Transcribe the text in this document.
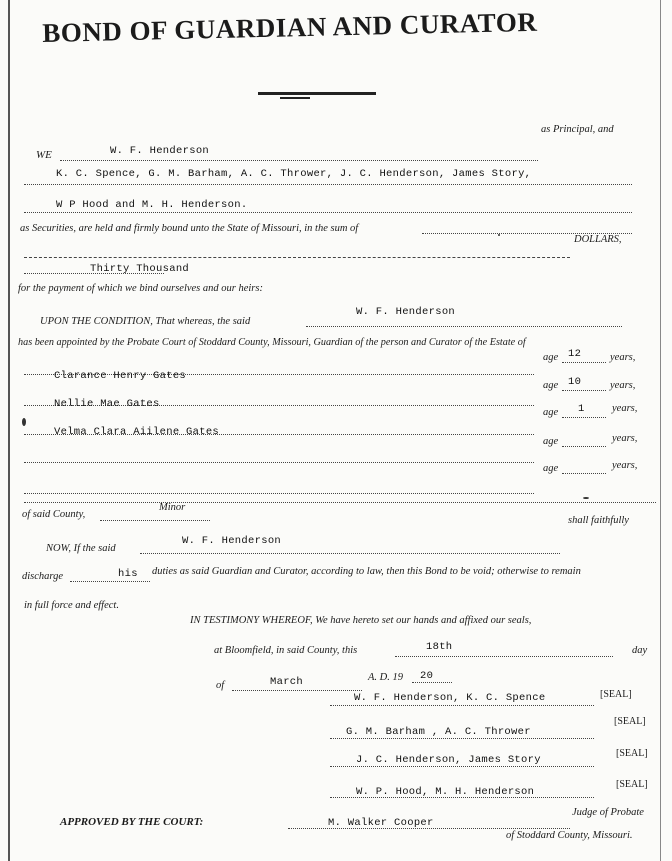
BOND OF GUARDIAN AND CURATOR
WE	W. F. Henderson
as Principal, and
K. C. Spence, G. M. Barham, A. C. Thrower, J. C. Henderson, James Story,
W P Hood and M. H. Henderson.
as Securities, are held and firmly bound unto the State of Missouri, in the sum of
DOLLARS,
Thirty Thousand
for the payment of which we bind ourselves and our heirs:
UPON THE CONDITION, That whereas, the said
W. F. Henderson
has been appointed by the Probate Court of Stoddard County, Missouri, Guardian of the person and Curator of the Estate of
Clarance Henry Gates
age 12	years,
Nellie Mae Gates
age 10	years,
Velma Clara Aiilene Gates
age 1	years,
age	years,
age	years,
of said County,
Minor
shall faithfully
NOW, If the said
W. F. Henderson
discharge	his duties as said Guardian and Curator, according to law, then this Bond to be void; otherwise to remain
in full force and effect.
IN TESTIMONY WHEREOF, We have hereto set our hands and affixed our seals,
at Bloomfield, in said County, this	18th	day
of	March	A. D. 19 20
W. F. Henderson, K. C. Spence	[SEAL]
G. M. Barham , A. C. Thrower
[SEAL]
J. C. Henderson, James Story
[SEAL]
W. P. Hood, M. H. Henderson
[SEAL]
APPROVED BY THE COURT:	M. Walker Cooper
Judge of Probate
of Stoddard County, Missouri.
